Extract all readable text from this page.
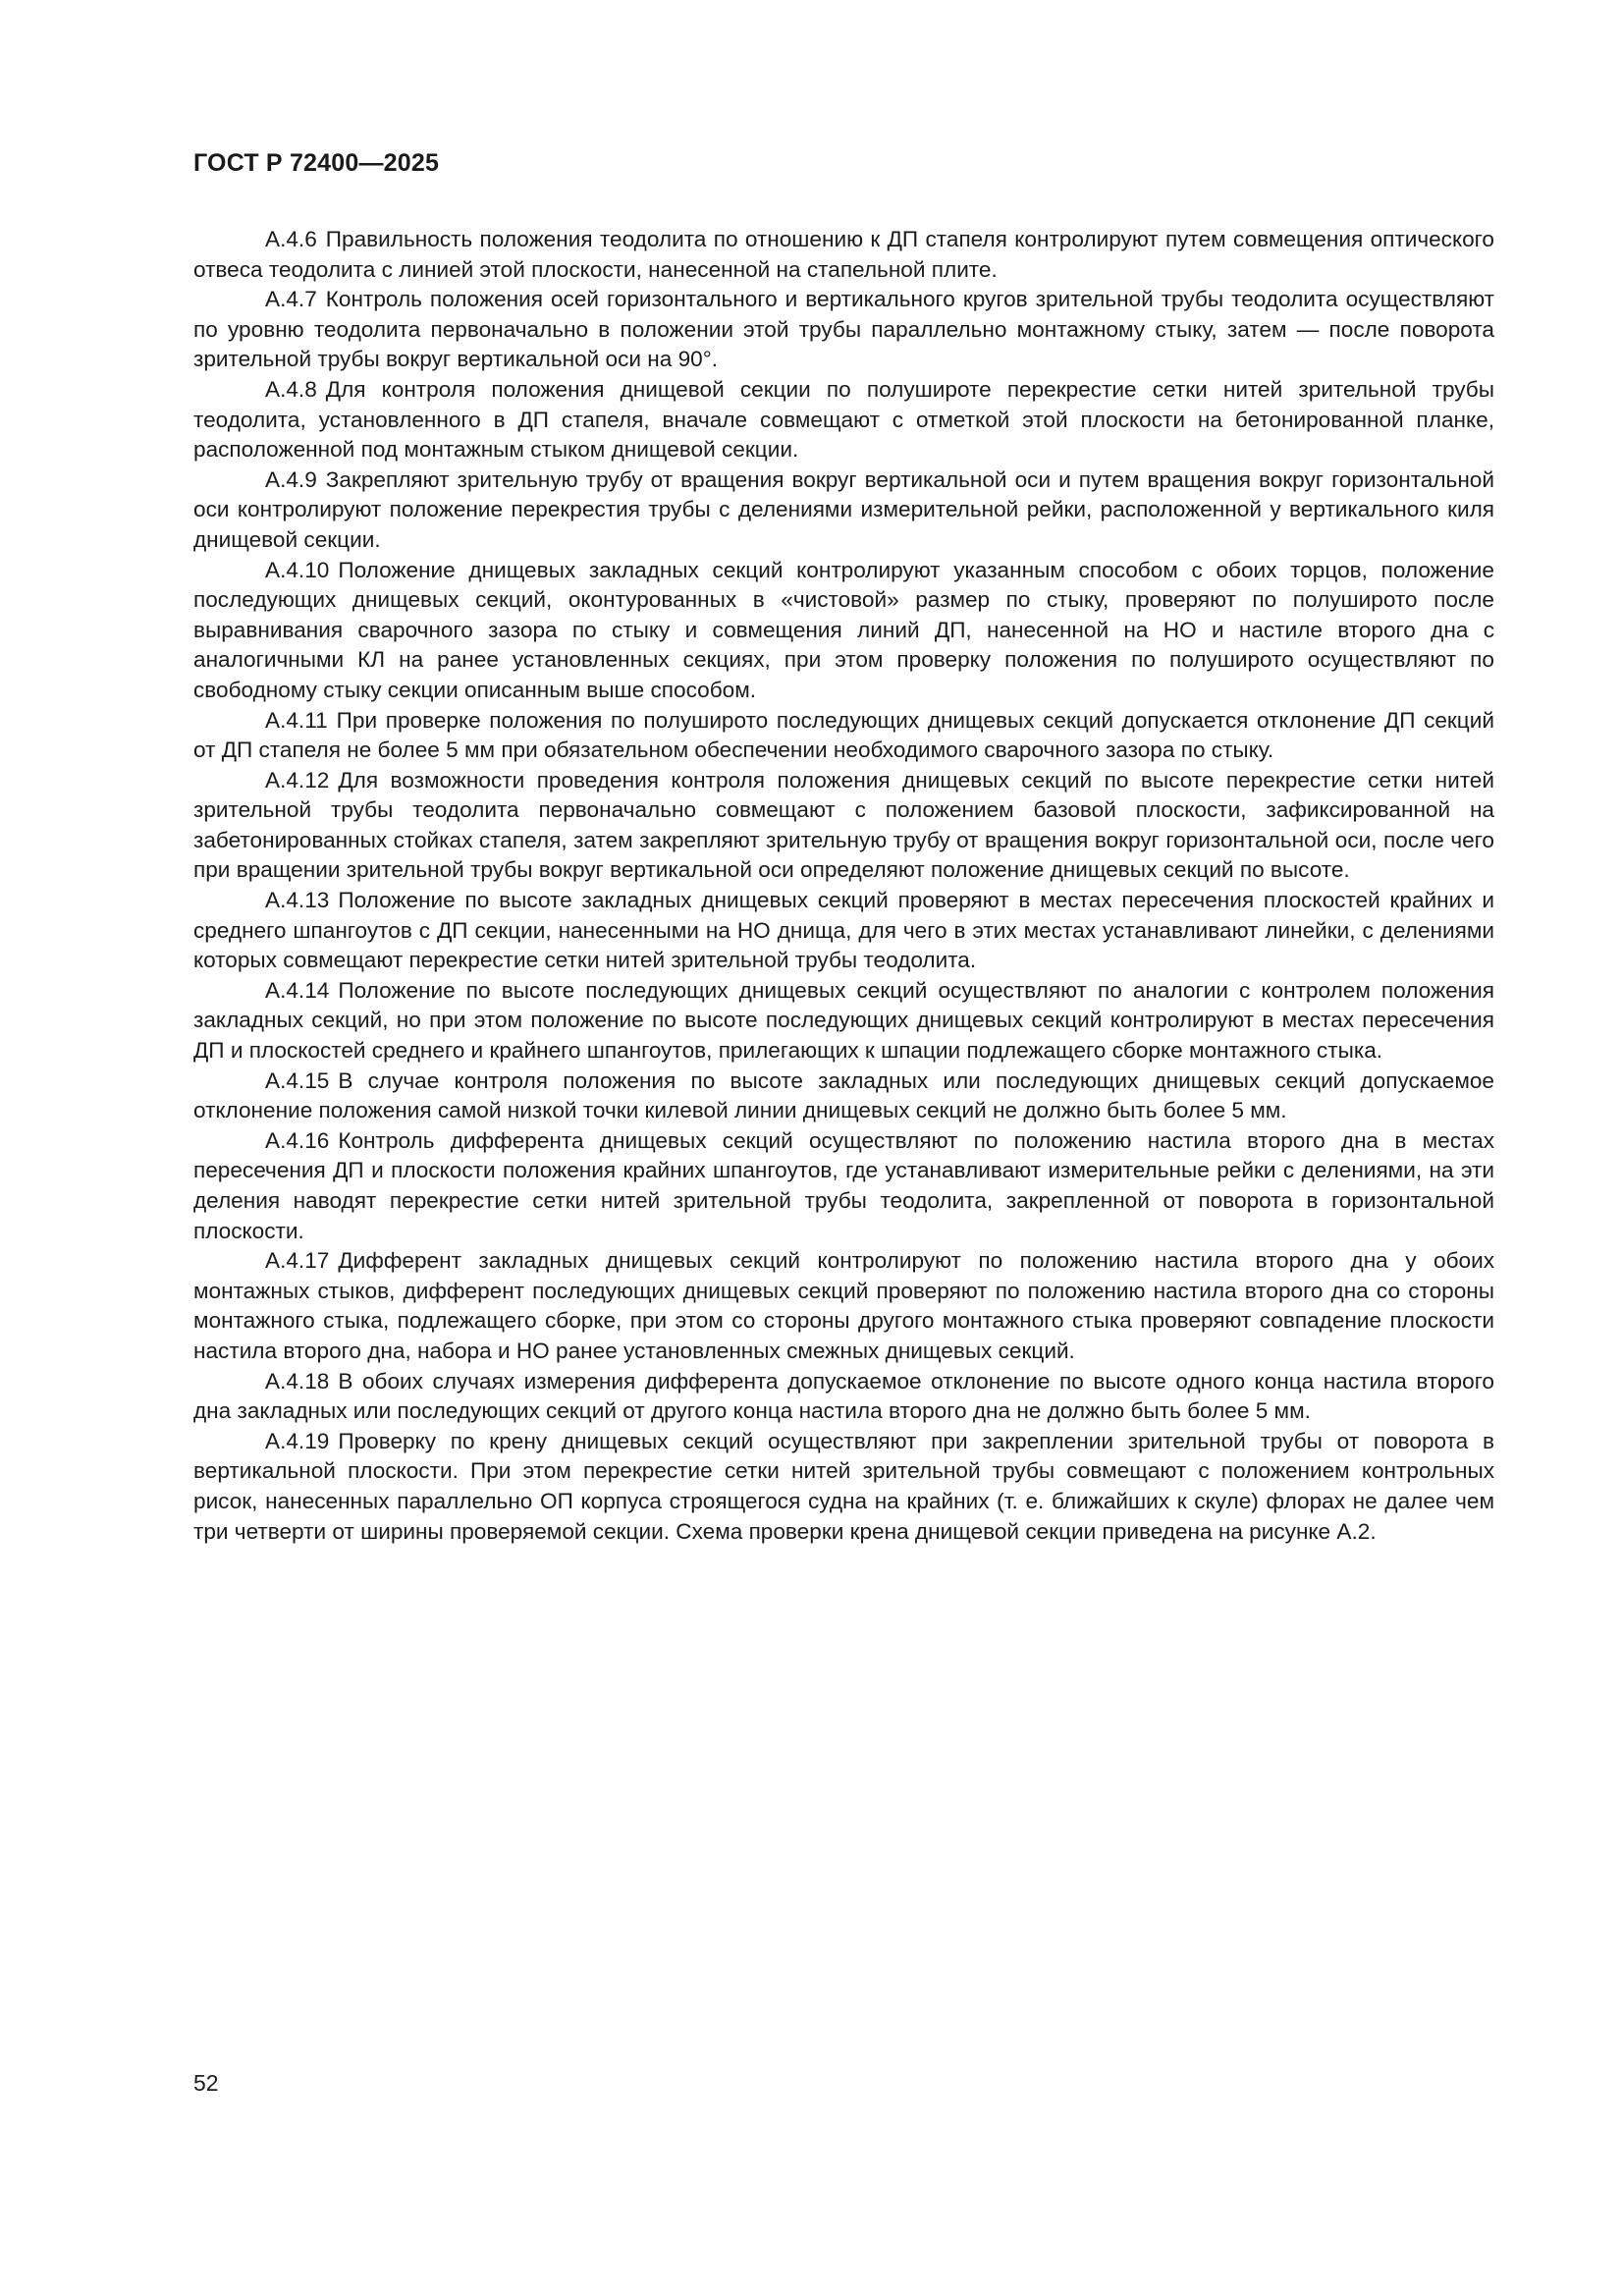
ГОСТ Р 72400—2025

А.4.6 Правильность положения теодолита по отношению к ДП стапеля контролируют путем совмещения оптического отвеса теодолита с линией этой плоскости, нанесенной на стапельной плите.

А.4.7 Контроль положения осей горизонтального и вертикального кругов зрительной трубы теодолита осуществляют по уровню теодолита первоначально в положении этой трубы параллельно монтажному стыку, затем — после поворота зрительной трубы вокруг вертикальной оси на 90°.

А.4.8 Для контроля положения днищевой секции по полушироте перекрестие сетки нитей зрительной трубы теодолита, установленного в ДП стапеля, вначале совмещают с отметкой этой плоскости на бетонированной планке, расположенной под монтажным стыком днищевой секции.

А.4.9 Закрепляют зрительную трубу от вращения вокруг вертикальной оси и путем вращения вокруг горизонтальной оси контролируют положение перекрестия трубы с делениями измерительной рейки, расположенной у вертикального киля днищевой секции.

А.4.10 Положение днищевых закладных секций контролируют указанным способом с обоих торцов, положение последующих днищевых секций, оконтурованных в «чистовой» размер по стыку, проверяют по полуширото после выравнивания сварочного зазора по стыку и совмещения линий ДП, нанесенной на НО и настиле второго дна с аналогичными КЛ на ранее установленных секциях, при этом проверку положения по полуширото осуществляют по свободному стыку секции описанным выше способом.

А.4.11 При проверке положения по полуширото последующих днищевых секций допускается отклонение ДП секций от ДП стапеля не более 5 мм при обязательном обеспечении необходимого сварочного зазора по стыку.

А.4.12 Для возможности проведения контроля положения днищевых секций по высоте перекрестие сетки нитей зрительной трубы теодолита первоначально совмещают с положением базовой плоскости, зафиксированной на забетонированных стойках стапеля, затем закрепляют зрительную трубу от вращения вокруг горизонтальной оси, после чего при вращении зрительной трубы вокруг вертикальной оси определяют положение днищевых секций по высоте.

А.4.13 Положение по высоте закладных днищевых секций проверяют в местах пересечения плоскостей крайних и среднего шпангоутов с ДП секции, нанесенными на НО днища, для чего в этих местах устанавливают линейки, с делениями которых совмещают перекрестие сетки нитей зрительной трубы теодолита.

А.4.14 Положение по высоте последующих днищевых секций осуществляют по аналогии с контролем положения закладных секций, но при этом положение по высоте последующих днищевых секций контролируют в местах пересечения ДП и плоскостей среднего и крайнего шпангоутов, прилегающих к шпации подлежащего сборке монтажного стыка.

А.4.15 В случае контроля положения по высоте закладных или последующих днищевых секций допускаемое отклонение положения самой низкой точки килевой линии днищевых секций не должно быть более 5 мм.

А.4.16 Контроль дифферента днищевых секций осуществляют по положению настила второго дна в местах пересечения ДП и плоскости положения крайних шпангоутов, где устанавливают измерительные рейки с делениями, на эти деления наводят перекрестие сетки нитей зрительной трубы теодолита, закрепленной от поворота в горизонтальной плоскости.

А.4.17 Дифферент закладных днищевых секций контролируют по положению настила второго дна у обоих монтажных стыков, дифферент последующих днищевых секций проверяют по положению настила второго дна со стороны монтажного стыка, подлежащего сборке, при этом со стороны другого монтажного стыка проверяют совпадение плоскости настила второго дна, набора и НО ранее установленных смежных днищевых секций.

А.4.18 В обоих случаях измерения дифферента допускаемое отклонение по высоте одного конца настила второго дна закладных или последующих секций от другого конца настила второго дна не должно быть более 5 мм.

А.4.19 Проверку по крену днищевых секций осуществляют при закреплении зрительной трубы от поворота в вертикальной плоскости. При этом перекрестие сетки нитей зрительной трубы совмещают с положением контрольных рисок, нанесенных параллельно ОП корпуса строящегося судна на крайних (т. е. ближайших к скуле) флорах не далее чем три четверти от ширины проверяемой секции. Схема проверки крена днищевой секции приведена на рисунке А.2.

52
